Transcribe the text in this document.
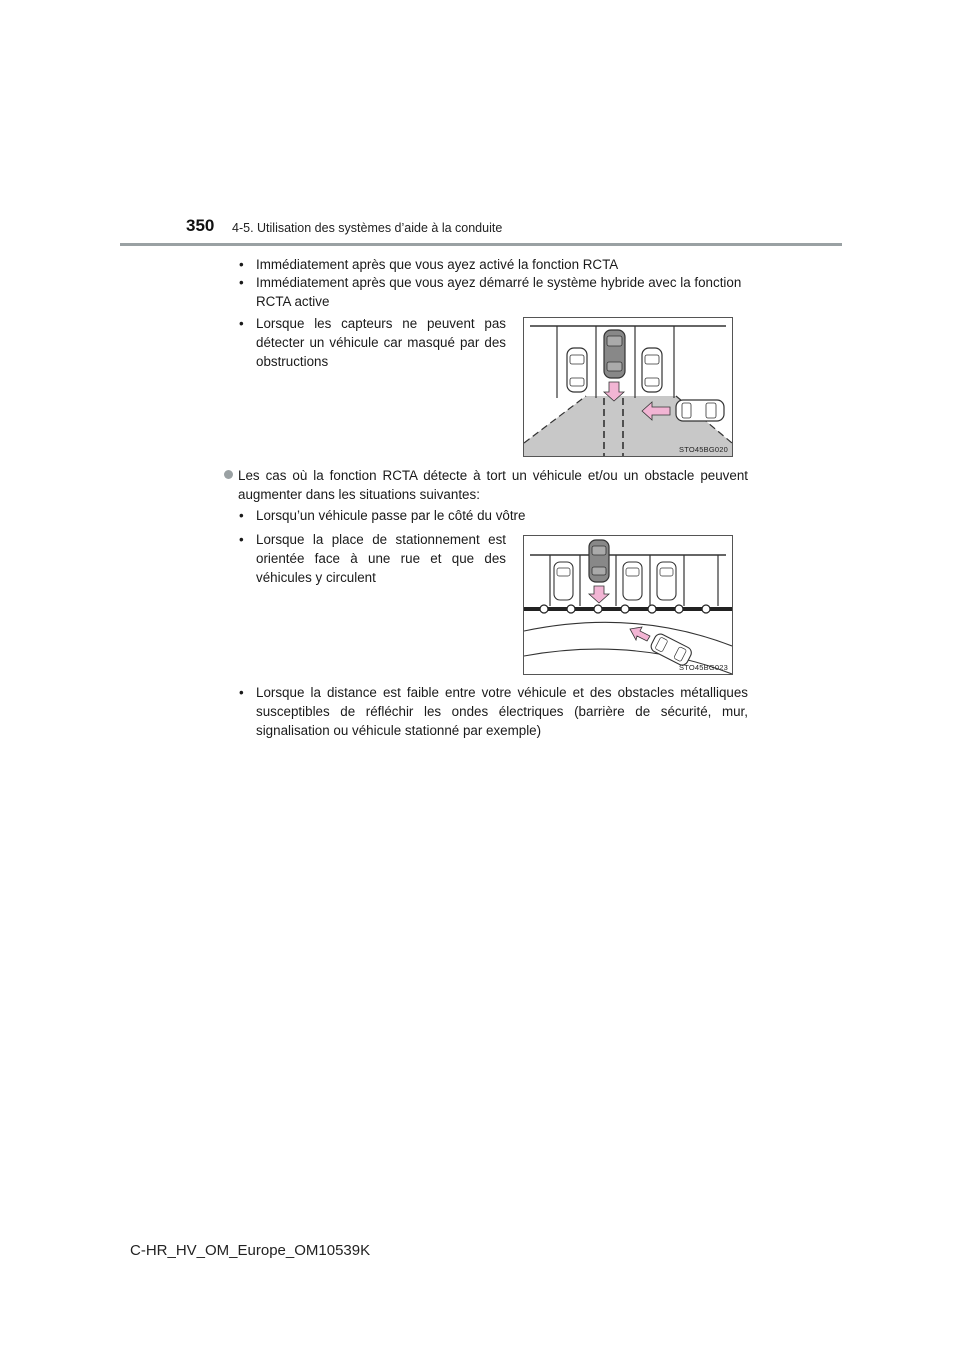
350 4-5. Utilisation des systèmes d’aide à la conduite
• Immédiatement après que vous ayez activé la fonction RCTA
• Immédiatement après que vous ayez démarré le système hybride avec la fonction RCTA active
• Lorsque les capteurs ne peuvent pas détecter un véhicule car masqué par des obstructions
STO45BG020
Les cas où la fonction RCTA détecte à tort un véhicule et/ou un obstacle peuvent augmenter dans les situations suivantes:
• Lorsqu’un véhicule passe par le côté du vôtre
• Lorsque la place de stationnement est orientée face à une rue et que des véhicules y circulent
STO45BG023
• Lorsque la distance est faible entre votre véhicule et des obstacles métalliques susceptibles de réfléchir les ondes électriques (barrière de sécurité, mur, signalisation ou véhicule stationné par exemple)
C-HR_HV_OM_Europe_OM10539K
